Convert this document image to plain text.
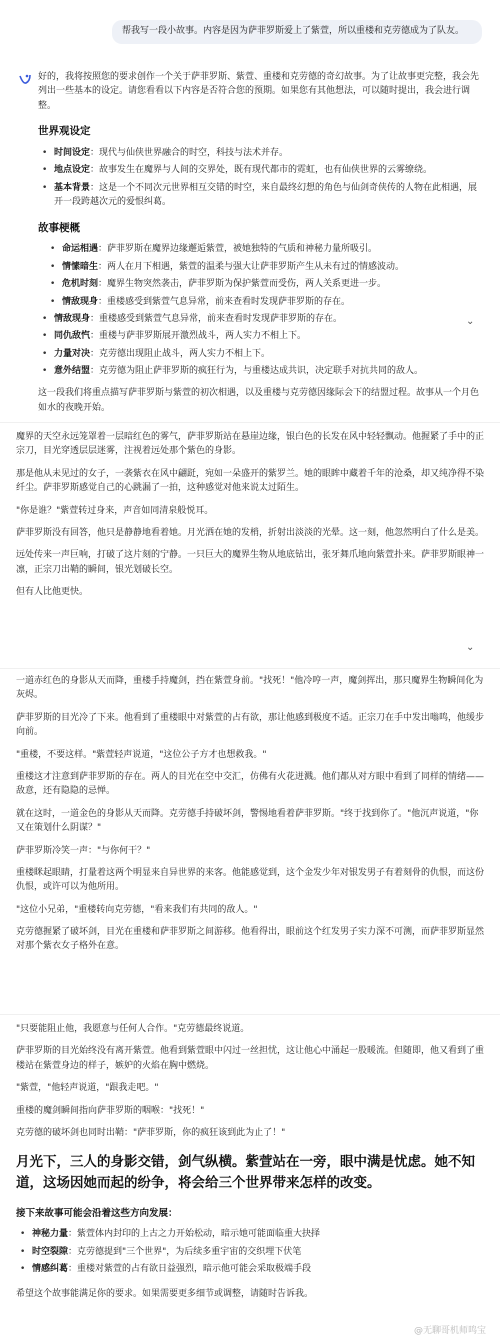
帮我写一段小故事。内容是因为萨菲罗斯爱上了紫萱，所以重楼和克劳德成为了队友。
好的，我将按照您的要求创作一个关于萨菲罗斯、紫萱、重楼和克劳德的奇幻故事。为了让故事更完整，我会先列出一些基本的设定。请您看看以下内容是否符合您的预期。如果您有其他想法，可以随时提出，我会进行调整。
世界观设定
• 时间设定：现代与仙侠世界融合的时空，科技与法术并存。
• 地点设定：故事发生在魔界与人间的交界处，既有现代都市的霓虹，也有仙侠世界的云雾缭绕。
• 基本背景：这是一个不同次元世界相互交错的时空，来自最终幻想的角色与仙剑奇侠传的人物在此相遇，展开一段跨越次元的爱恨纠葛。
故事梗概
• 命运相遇：萨菲罗斯在魔界边缘邂逅紫萱，被她独特的气质和神秘力量所吸引。
• 情愫暗生：两人在月下相遇，紫萱的温柔与强大让萨菲罗斯产生从未有过的情感波动。
• 危机时刻：魔界生物突然袭击，萨菲罗斯为保护紫萱而受伤，两人关系更进一步。
• 情敌现身：重楼感受到紫萱气息异常，前来查看时发现萨菲罗斯的存在。
• 情敌现身：重楼感受到紫萱气息异常，前来查看时发现萨菲罗斯的存在。
• 同仇敌忾：重楼与萨菲罗斯展开激烈战斗，两人实力不相上下。
• 力量对决：克劳德出现阻止战斗，两人实力不相上下。
• 意外结盟：克劳德为阻止萨菲罗斯的疯狂行为，与重楼达成共识，决定联手对抗共同的敌人。
这一段我们将重点描写萨菲罗斯与紫萱的初次相遇，以及重楼与克劳德因缘际会下的结盟过程。故事从一个月色如水的夜晚开始。
⌄
魔界的天空永远笼罩着一层暗红色的雾气，萨菲罗斯站在悬崖边缘，银白色的长发在风中轻轻飘动。他握紧了手中的正宗刀，目光穿透层层迷雾，注视着远处那个紫色的身影。
那是他从未见过的女子，一袭紫衣在风中翩跹，宛如一朵盛开的紫罗兰。她的眼眸中藏着千年的沧桑，却又纯净得不染纤尘。萨菲罗斯感觉自己的心跳漏了一拍，这种感觉对他来说太过陌生。
"你是谁？"紫萱转过身来，声音如同清泉般悦耳。
萨菲罗斯没有回答，他只是静静地看着她。月光洒在她的发梢，折射出淡淡的光晕。这一刻，他忽然明白了什么是美。
远处传来一声巨响，打破了这片刻的宁静。一只巨大的魔界生物从地底钻出，张牙舞爪地向紫萱扑来。萨菲罗斯眼神一凛，正宗刀出鞘的瞬间，银光划破长空。
但有人比他更快。
⌄
一道赤红色的身影从天而降，重楼手持魔剑，挡在紫萱身前。"找死！"他冷哼一声，魔剑挥出，那只魔界生物瞬间化为灰烬。
萨菲罗斯的目光冷了下来。他看到了重楼眼中对紫萱的占有欲，那让他感到极度不适。正宗刀在手中发出嗡鸣，他缓步向前。
"重楼，不要这样。"紫萱轻声说道，"这位公子方才也想救我。"
重楼这才注意到萨菲罗斯的存在。两人的目光在空中交汇，仿佛有火花迸溅。他们都从对方眼中看到了同样的情绪——敌意，还有隐隐的忌惮。
就在这时，一道金色的身影从天而降。克劳德手持破坏剑，警惕地看着萨菲罗斯。"终于找到你了。"他沉声说道，"你又在策划什么阴谋？"
萨菲罗斯冷笑一声："与你何干？"
重楼眯起眼睛，打量着这两个明显来自异世界的来客。他能感觉到，这个金发少年对银发男子有着刻骨的仇恨，而这份仇恨，或许可以为他所用。
"这位小兄弟，"重楼转向克劳德，"看来我们有共同的敌人。"
克劳德握紧了破坏剑，目光在重楼和萨菲罗斯之间游移。他看得出，眼前这个红发男子实力深不可测，而萨菲罗斯显然对那个紫衣女子格外在意。
"只要能阻止他，我愿意与任何人合作。"克劳德最终说道。
萨菲罗斯的目光始终没有离开紫萱。他看到紫萱眼中闪过一丝担忧，这让他心中涌起一股暖流。但随即，他又看到了重楼站在紫萱身边的样子，嫉妒的火焰在胸中燃烧。
"紫萱，"他轻声说道，"跟我走吧。"
重楼的魔剑瞬间指向萨菲罗斯的咽喉："找死！"
克劳德的破坏剑也同时出鞘："萨菲罗斯，你的疯狂该到此为止了！"
月光下，三人的身影交错，剑气纵横。紫萱站在一旁，眼中满是忧虑。她不知道，这场因她而起的纷争，将会给三个世界带来怎样的改变。
接下来故事可能会沿着这些方向发展：
• 神秘力量：紫萱体内封印的上古之力开始松动，暗示她可能面临重大抉择
• 时空裂隙：克劳德提到"三个世界"，为后续多重宇宙的交织埋下伏笔
• 情感纠葛：重楼对紫萱的占有欲日益强烈，暗示他可能会采取极端手段
希望这个故事能满足你的要求。如果需要更多细节或调整，请随时告诉我。
@无聊哥机师鸣宝
